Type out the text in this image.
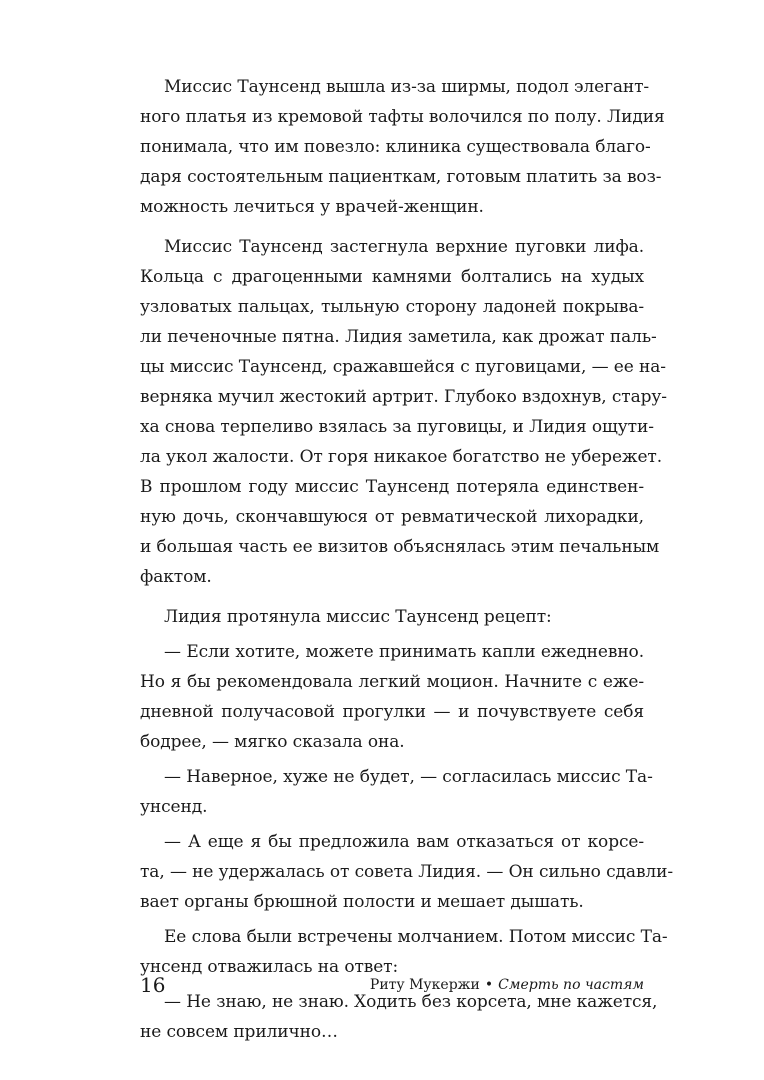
Миссис Таунсенд вышла из-за ширмы, подол элегант-
ного платья из кремовой тафты волочился по полу. Лидия
понимала, что им повезло: клиника существовала благо-
даря состоятельным пациенткам, готовым платить за воз-
можность лечиться у врачей-женщин.
Миссис Таунсенд застегнула верхние пуговки лифа.
Кольца с драгоценными камнями болтались на худых
узловатых пальцах, тыльную сторону ладоней покрыва-
ли печеночные пятна. Лидия заметила, как дрожат паль-
цы миссис Таунсенд, сражавшейся с пуговицами, — ее на-
верняка мучил жестокий артрит. Глубоко вздохнув, стару-
ха снова терпеливо взялась за пуговицы, и Лидия ощути-
ла укол жалости. От горя никакое богатство не убережет.
В прошлом году миссис Таунсенд потеряла единствен-
ную дочь, скончавшуюся от ревматической лихорадки,
и большая часть ее визитов объяснялась этим печальным
фактом.
Лидия протянула миссис Таунсенд рецепт:
— Если хотите, можете принимать капли ежедневно.
Но я бы рекомендовала легкий моцион. Начните с еже-
дневной получасовой прогулки — и почувствуете себя
бодрее, — мягко сказала она.
— Наверное, хуже не будет, — согласилась миссис Та-
унсенд.
— А еще я бы предложила вам отказаться от корсе-
та, — не удержалась от совета Лидия. — Он сильно сдавли-
вает органы брюшной полости и мешает дышать.
Ее слова были встречены молчанием. Потом миссис Та-
унсенд отважилась на ответ:
— Не знаю, не знаю. Ходить без корсета, мне кажется,
не совсем прилично…
16	Риту Мукержи • Смерть по частям
